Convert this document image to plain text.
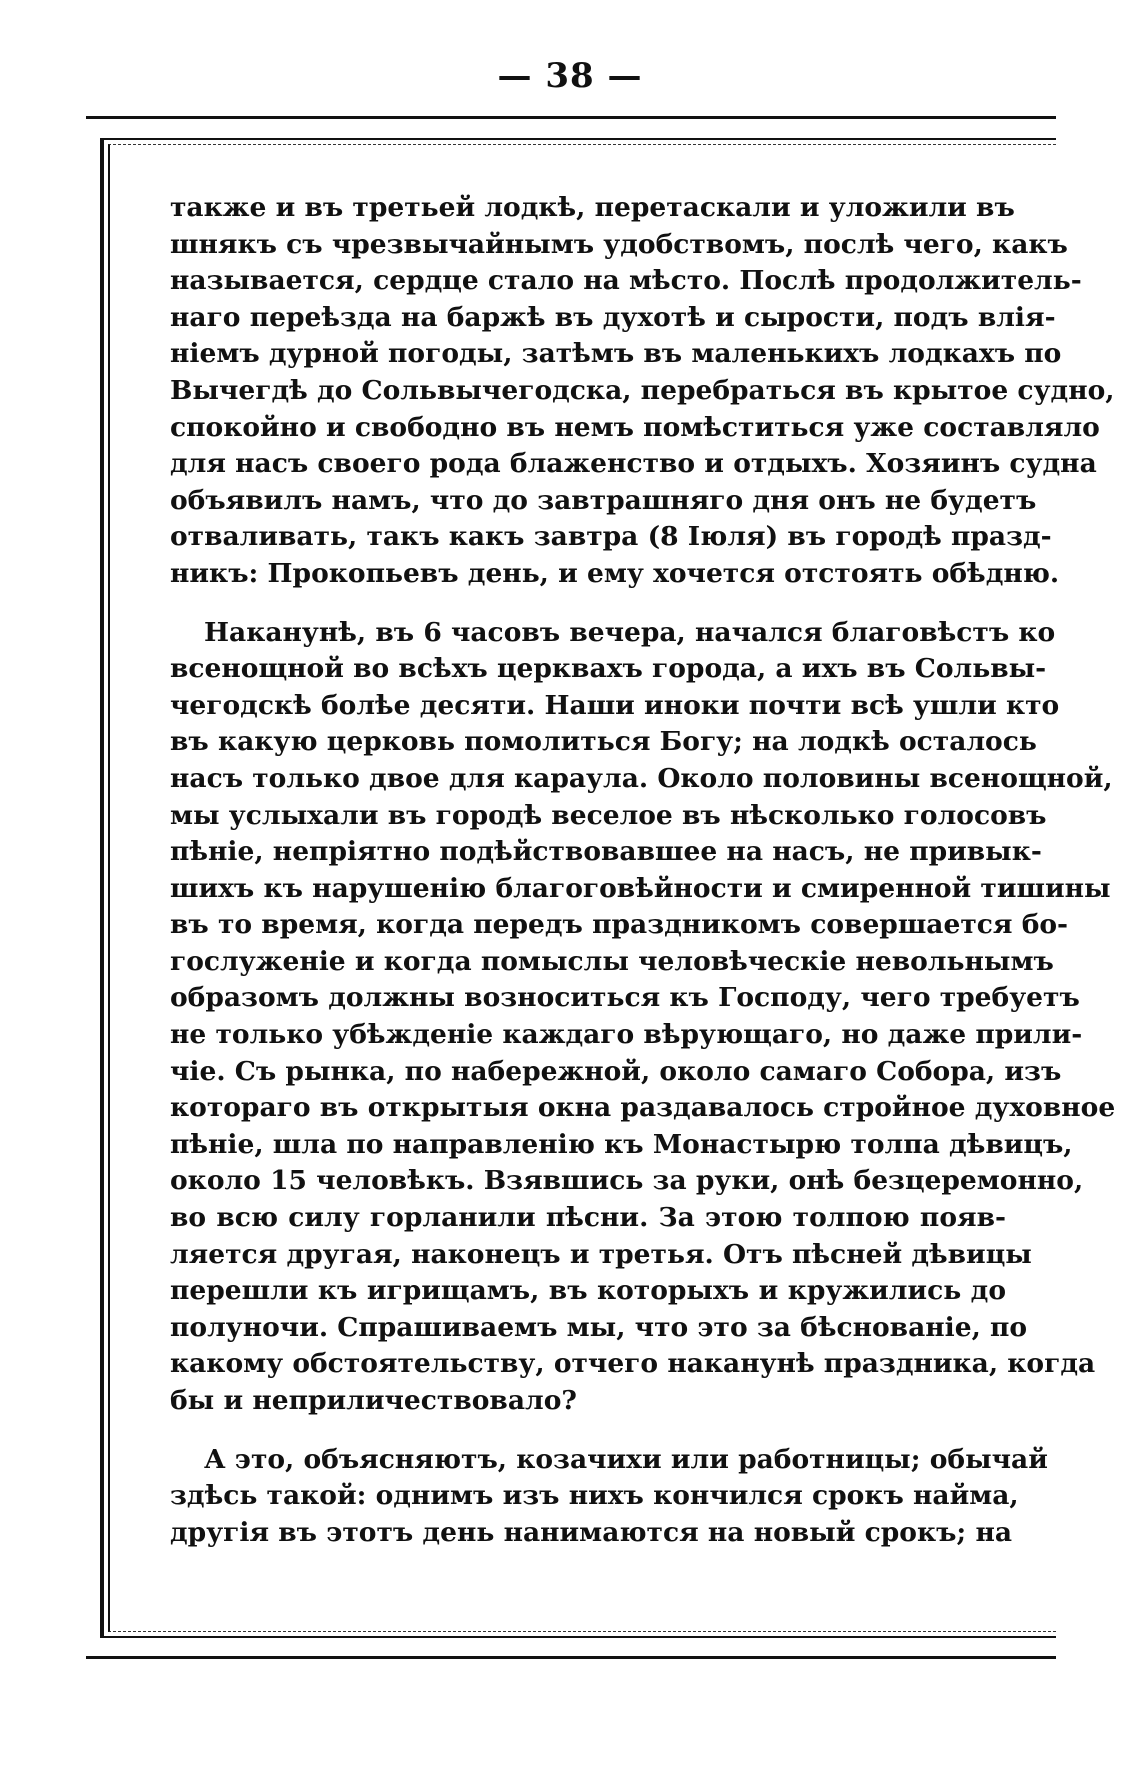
— 38 —
также и въ третьей лодкѣ, перетаскали и уложили въ
шнякъ съ чрезвычайнымъ удобствомъ, послѣ чего, какъ
называется, сердце стало на мѣсто. Послѣ продолжитель-
наго переѣзда на баржѣ въ духотѣ и сырости, подъ влія-
ніемъ дурной погоды, затѣмъ въ маленькихъ лодкахъ по
Вычегдѣ до Сольвычегодска, перебраться въ крытое судно,
спокойно и свободно въ немъ помѣститься уже составляло
для насъ своего рода блаженство и отдыхъ. Хозяинъ судна
объявилъ намъ, что до завтрашняго дня онъ не будетъ
отваливать, такъ какъ завтра (8 Іюля) въ городѣ празд-
никъ: Прокопьевъ день, и ему хочется отстоять обѣдню.
Наканунѣ, въ 6 часовъ вечера, начался благовѣстъ ко
всенощной во всѣхъ церквахъ города, а ихъ въ Сольвы-
чегодскѣ болѣе десяти. Наши иноки почти всѣ ушли кто
въ какую церковь помолиться Богу; на лодкѣ осталось
насъ только двое для караула. Около половины всенощной,
мы услыхали въ городѣ веселое въ нѣсколько голосовъ
пѣніе, непріятно подѣйствовавшее на насъ, не привык-
шихъ къ нарушенію благоговѣйности и смиренной тишины
въ то время, когда передъ праздникомъ совершается бо-
гослуженіе и когда помыслы человѣческіе невольнымъ
образомъ должны возноситься къ Господу, чего требуетъ
не только убѣжденіе каждаго вѣрующаго, но даже прили-
чіе. Съ рынка, по набережной, около самаго Собора, изъ
котораго въ открытыя окна раздавалось стройное духовное
пѣніе, шла по направленію къ Монастырю толпа дѣвицъ,
около 15 человѣкъ. Взявшись за руки, онѣ безцеремонно,
во всю силу горланили пѣсни. За этою толпою появ-
ляется другая, наконецъ и третья. Отъ пѣсней дѣвицы
перешли къ игрищамъ, въ которыхъ и кружились до
полуночи. Спрашиваемъ мы, что это за бѣснованіе, по
какому обстоятельству, отчего наканунѣ праздника, когда
бы и неприличествовало?
А это, объясняютъ, козачихи или работницы; обычай
здѣсь такой: однимъ изъ нихъ кончился срокъ найма,
другія въ этотъ день нанимаются на новый срокъ; на
